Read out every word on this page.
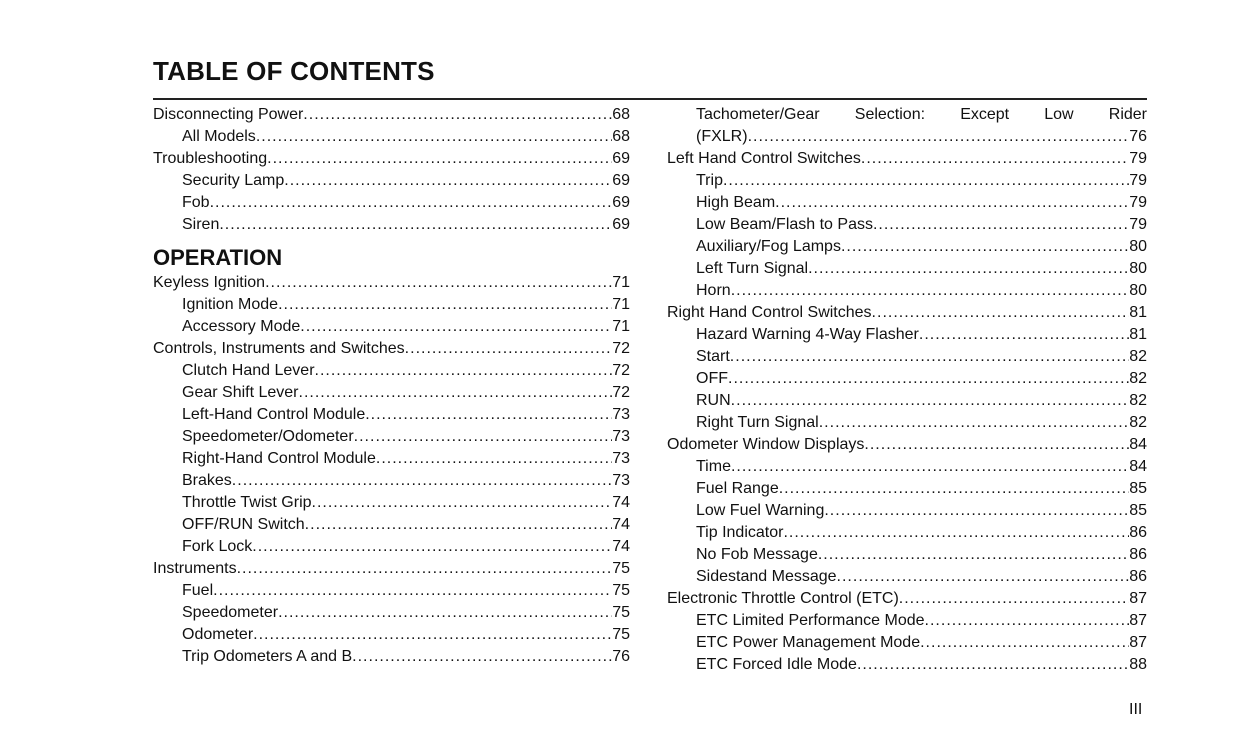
TABLE OF CONTENTS
Disconnecting Power .....	68
All Models .....	68
Troubleshooting .....	69
Security Lamp .....	69
Fob .....	69
Siren .....	69
OPERATION
Keyless Ignition .....	71
Ignition Mode .....	71
Accessory Mode .....	71
Controls, Instruments and Switches .....	72
Clutch Hand Lever .....	72
Gear Shift Lever .....	72
Left-Hand Control Module .....	73
Speedometer/Odometer .....	73
Right-Hand Control Module .....	73
Brakes .....	73
Throttle Twist Grip .....	74
OFF/RUN Switch .....	74
Fork Lock .....	74
Instruments .....	75
Fuel .....	75
Speedometer .....	75
Odometer .....	75
Trip Odometers A and B .....	76
Tachometer/Gear Selection: Except Low Rider
(FXLR) .....	76
Left Hand Control Switches .....	79
Trip .....	79
High Beam .....	79
Low Beam/Flash to Pass .....	79
Auxiliary/Fog Lamps .....	80
Left Turn Signal .....	80
Horn .....	80
Right Hand Control Switches .....	81
Hazard Warning 4-Way Flasher .....	81
Start .....	82
OFF .....	82
RUN .....	82
Right Turn Signal .....	82
Odometer Window Displays .....	84
Time .....	84
Fuel Range .....	85
Low Fuel Warning .....	85
Tip Indicator .....	86
No Fob Message .....	86
Sidestand Message .....	86
Electronic Throttle Control (ETC) .....	87
ETC Limited Performance Mode .....	87
ETC Power Management Mode .....	87
ETC Forced Idle Mode .....	88
III
